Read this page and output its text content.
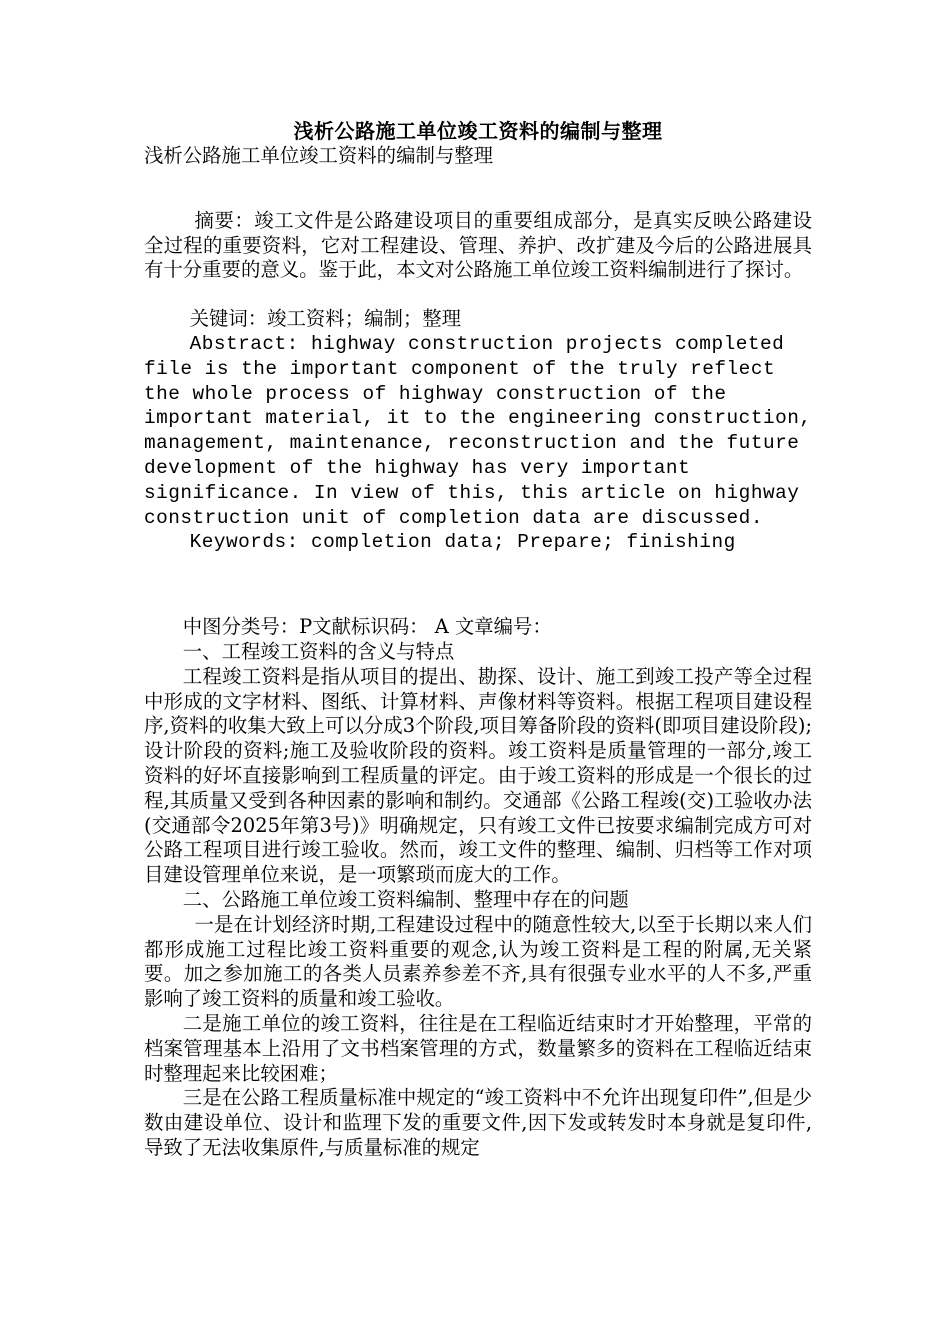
浅析公路施工单位竣工资料的编制与整理

浅析公路施工单位竣工资料的编制与整理

摘要：竣工文件是公路建设项目的重要组成部分，是真实反映公路建设全过程的重要资料，它对工程建设、管理、养护、改扩建及今后的公路进展具有十分重要的意义。鉴于此，本文对公路施工单位竣工资料编制进行了探讨。

关键词：竣工资料；编制；整理

Abstract: highway construction projects completed file is the important component of the truly reflect the whole process of highway construction of the important material, it to the engineering construction, management, maintenance, reconstruction and the future development of the highway has very important significance. In view of this, this article on highway construction unit of completion data are discussed.

Keywords: completion data; Prepare; finishing

中图分类号：P文献标识码： A 文章编号：

一、工程竣工资料的含义与特点

工程竣工资料是指从项目的提出、勘探、设计、施工到竣工投产等全过程中形成的文字材料、图纸、计算材料、声像材料等资料。根据工程项目建设程序,资料的收集大致上可以分成3个阶段,项目筹备阶段的资料(即项目建设阶段);设计阶段的资料;施工及验收阶段的资料。竣工资料是质量管理的一部分,竣工资料的好坏直接影响到工程质量的评定。由于竣工资料的形成是一个很长的过程,其质量又受到各种因素的影响和制约。交通部《公路工程竣(交)工验收办法(交通部令2025年第3号)》明确规定，只有竣工文件已按要求编制完成方可对公路工程项目进行竣工验收。然而，竣工文件的整理、编制、归档等工作对项目建设管理单位来说，是一项繁琐而庞大的工作。

二、公路施工单位竣工资料编制、整理中存在的问题

一是在计划经济时期,工程建设过程中的随意性较大,以至于长期以来人们都形成施工过程比竣工资料重要的观念,认为竣工资料是工程的附属,无关紧要。加之参加施工的各类人员素养参差不齐,具有很强专业水平的人不多,严重影响了竣工资料的质量和竣工验收。

二是施工单位的竣工资料，往往是在工程临近结束时才开始整理，平常的档案管理基本上沿用了文书档案管理的方式，数量繁多的资料在工程临近结束时整理起来比较困难；

三是在公路工程质量标准中规定的“竣工资料中不允许出现复印件”,但是少数由建设单位、设计和监理下发的重要文件,因下发或转发时本身就是复印件,导致了无法收集原件,与质量标准的规定
